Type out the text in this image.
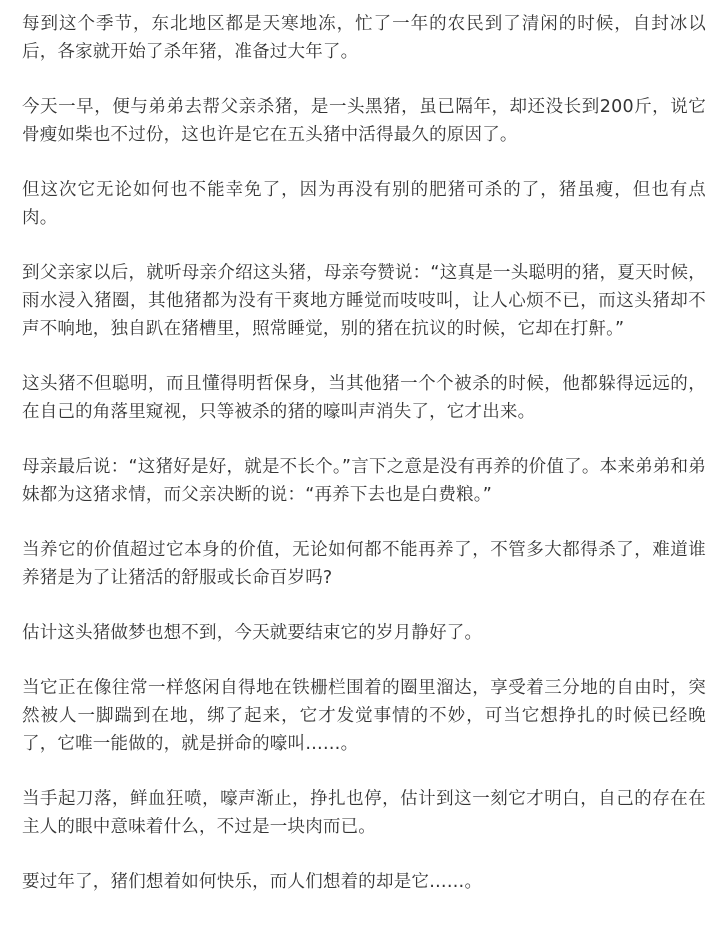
每到这个季节，东北地区都是天寒地冻，忙了一年的农民到了清闲的时候，自封冰以后，各家就开始了杀年猪，准备过大年了。

今天一早，便与弟弟去帮父亲杀猪，是一头黑猪，虽已隔年，却还没长到200斤，说它骨瘦如柴也不过份，这也许是它在五头猪中活得最久的原因了。

但这次它无论如何也不能幸免了，因为再没有别的肥猪可杀的了，猪虽瘦，但也有点肉。

到父亲家以后，就听母亲介绍这头猪，母亲夸赞说：“这真是一头聪明的猪，夏天时候，雨水浸入猪圈，其他猪都为没有干爽地方睡觉而吱吱叫，让人心烦不已，而这头猪却不声不响地，独自趴在猪槽里，照常睡觉，别的猪在抗议的时候，它却在打鼾。”

这头猪不但聪明，而且懂得明哲保身，当其他猪一个个被杀的时候，他都躲得远远的，在自己的角落里窥视，只等被杀的猪的嚎叫声消失了，它才出来。

母亲最后说：“这猪好是好，就是不长个。”言下之意是没有再养的价值了。本来弟弟和弟妹都为这猪求情，而父亲决断的说：“再养下去也是白费粮。”

当养它的价值超过它本身的价值，无论如何都不能再养了，不管多大都得杀了，难道谁养猪是为了让猪活的舒服或长命百岁吗?

估计这头猪做梦也想不到，今天就要结束它的岁月静好了。

当它正在像往常一样悠闲自得地在铁栅栏围着的圈里溜达，享受着三分地的自由时，突然被人一脚踹到在地，绑了起来，它才发觉事情的不妙，可当它想挣扎的时候已经晚了，它唯一能做的，就是拼命的嚎叫……。

当手起刀落，鲜血狂喷，嚎声渐止，挣扎也停，估计到这一刻它才明白，自己的存在在主人的眼中意味着什么，不过是一块肉而已。

要过年了，猪们想着如何快乐，而人们想着的却是它……。
